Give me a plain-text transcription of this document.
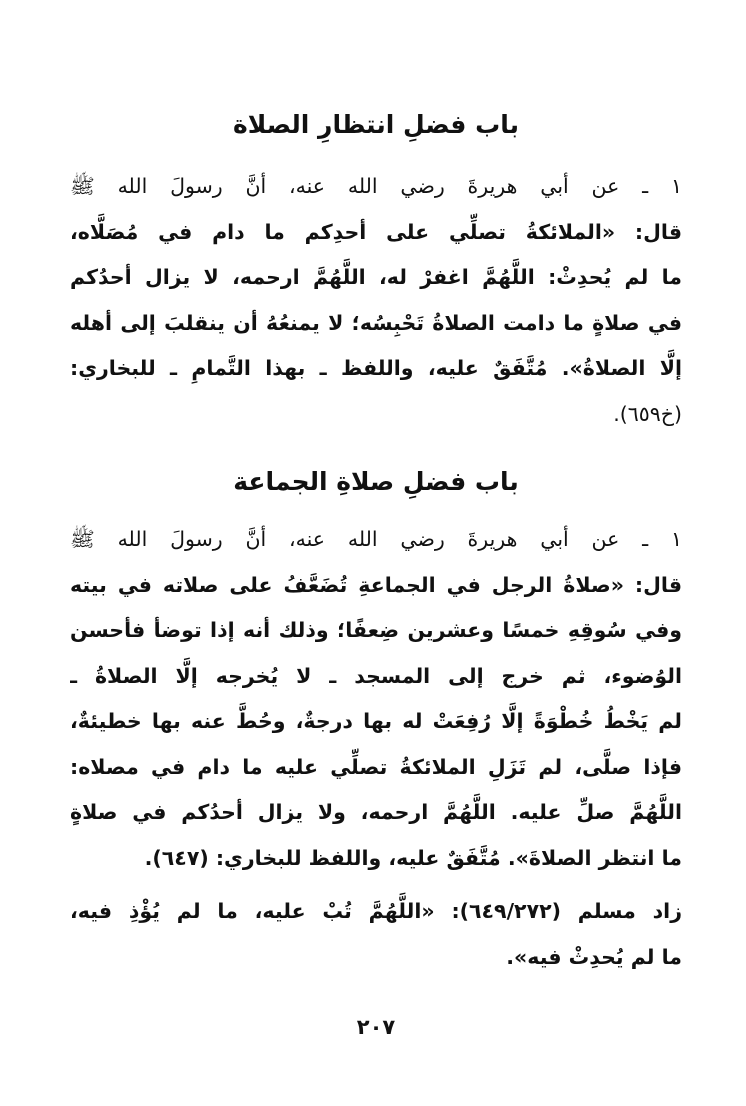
باب فضلِ انتظارِ الصلاة
١ ـ عن أبي هريرةَ رضي الله عنه، أنَّ رسولَ الله ﷺ
قال: «الملائكةُ تصلِّي على أحدِكم ما دام في مُصَلَّاه،
ما لم يُحدِثْ: اللَّهُمَّ اغفرْ له، اللَّهُمَّ ارحمه، لا يزال أحدُكم
في صلاةٍ ما دامت الصلاةُ تَحْبِسُه؛ لا يمنعُهُ أن ينقلبَ إلى أهله
إلَّا الصلاةُ». مُتَّفَقٌ عليه، واللفظ ـ بهذا التَّمامِ ـ للبخاري:
(خ٦٥٩).
باب فضلِ صلاةِ الجماعة
١ ـ عن أبي هريرةَ رضي الله عنه، أنَّ رسولَ الله ﷺ
قال: «صلاةُ الرجل في الجماعةِ تُضَعَّفُ على صلاته في بيته
وفي سُوقِهِ خمسًا وعشرين ضِعفًا؛ وذلك أنه إذا توضأ فأحسن
الوُضوء، ثم خرج إلى المسجد ـ لا يُخرجه إلَّا الصلاةُ ـ
لم يَخْطُ خُطْوَةً إلَّا رُفِعَتْ له بها درجةٌ، وحُطَّ عنه بها خطيئةٌ،
فإذا صلَّى، لم تَزَلِ الملائكةُ تصلِّي عليه ما دام في مصلاه:
اللَّهُمَّ صلِّ عليه. اللَّهُمَّ ارحمه، ولا يزال أحدُكم في صلاةٍ
ما انتظر الصلاةَ». مُتَّفَقٌ عليه، واللفظ للبخاري: (٦٤٧).
زاد مسلم (٦٤٩/٢٧٢): «اللَّهُمَّ تُبْ عليه، ما لم يُؤْذِ فيه،
ما لم يُحدِثْ فيه».
٢٠٧
